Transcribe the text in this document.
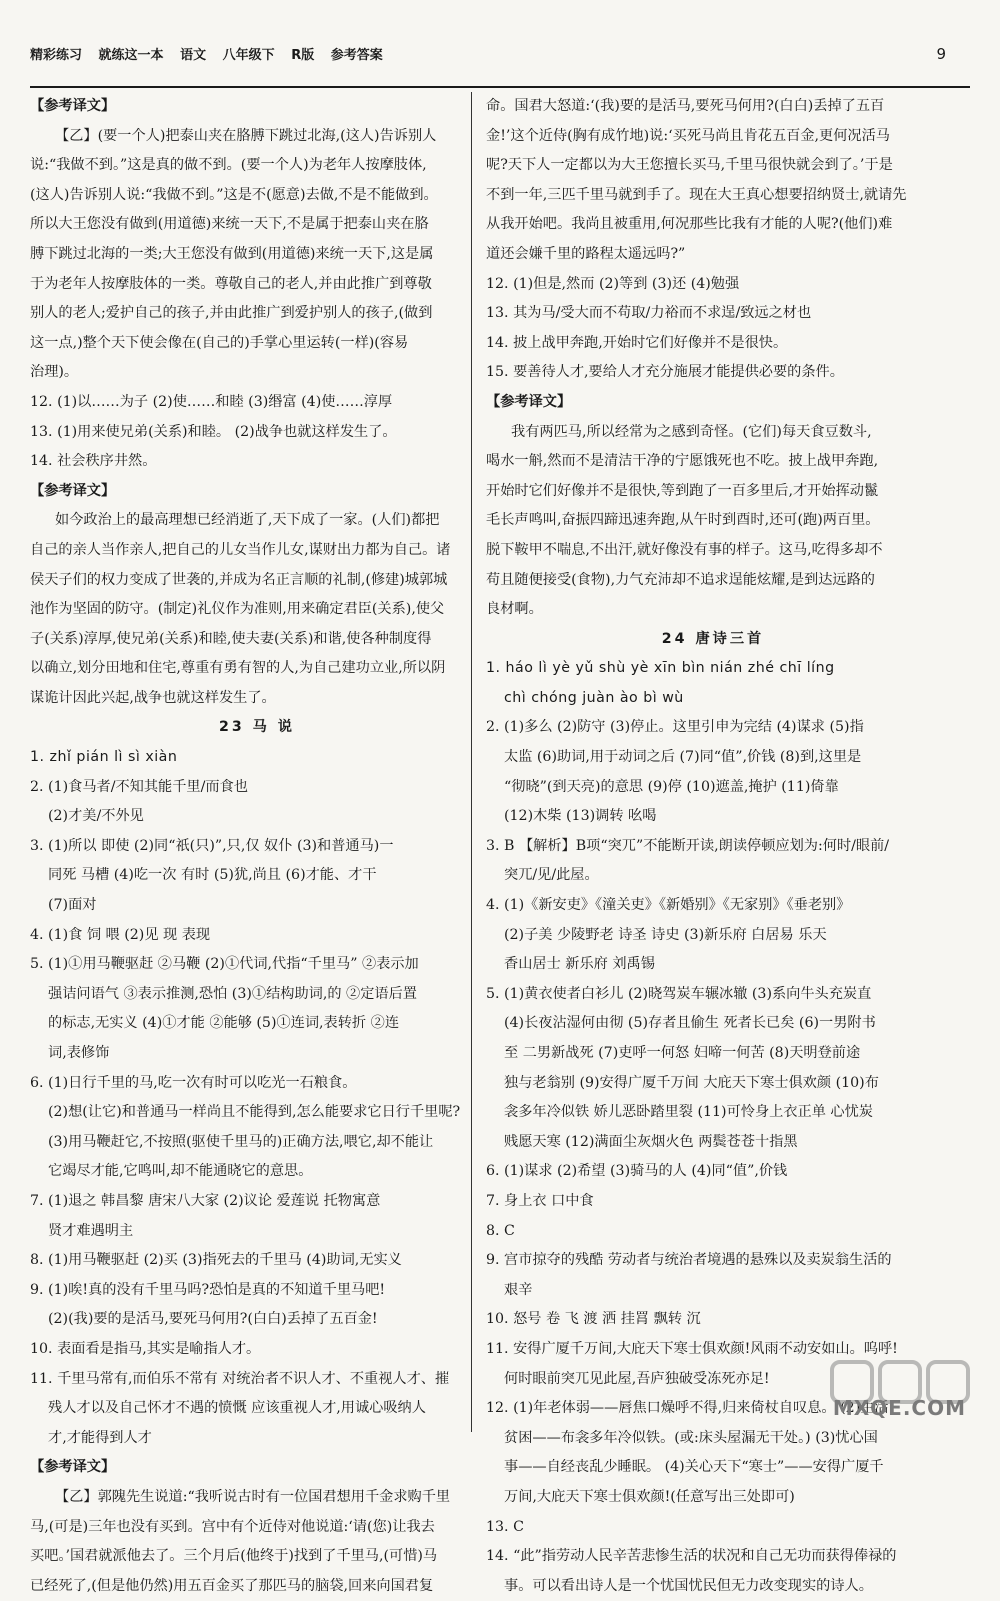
精彩练习 就练这一本 语文 八年级下 R版 参考答案	9
【参考译文】
【乙】(要一个人)把泰山夹在胳膊下跳过北海,(这人)告诉别人
说:“我做不到。”这是真的做不到。(要一个人)为老年人按摩肢体,
(这人)告诉别人说:“我做不到。”这是不(愿意)去做,不是不能做到。
所以大王您没有做到(用道德)来统一天下,不是属于把泰山夹在胳
膊下跳过北海的一类;大王您没有做到(用道德)来统一天下,这是属
于为老年人按摩肢体的一类。尊敬自己的老人,并由此推广到尊敬
别人的老人;爱护自己的孩子,并由此推广到爱护别人的孩子,(做到
这一点,)整个天下使会像在(自己的)手掌心里运转(一样)(容易
治理)。
12. (1)以……为子 (2)使……和睦 (3)缗富 (4)使……淳厚
13. (1)用来使兄弟(关系)和睦。 (2)战争也就这样发生了。
14. 社会秩序井然。
【参考译文】
如今政治上的最高理想已经消逝了,天下成了一家。(人们)都把
自己的亲人当作亲人,把自己的儿女当作儿女,谋财出力都为自己。诸
侯天子们的权力变成了世袭的,并成为名正言顺的礼制,(修建)城郭城
池作为坚固的防守。(制定)礼仪作为准则,用来确定君臣(关系),使父
子(关系)淳厚,使兄弟(关系)和睦,使夫妻(关系)和谐,使各种制度得
以确立,划分田地和住宅,尊重有勇有智的人,为自己建功立业,所以阴
谋诡计因此兴起,战争也就这样发生了。
23 马 说
1. zhǐ pián lì sì xiàn
2. (1)食马者/不知其能千里/而食也
(2)才美/不外见
3. (1)所以 即使 (2)同“祇(只)”,只,仅 奴仆 (3)和普通马)一
同死 马槽 (4)吃一次 有时 (5)犹,尚且 (6)才能、才干
(7)面对
4. (1)食 饲 喂 (2)见 现 表现
5. (1)①用马鞭驱赶 ②马鞭 (2)①代词,代指“千里马” ②表示加
强诘问语气 ③表示推测,恐怕 (3)①结构助词,的 ②定语后置
的标志,无实义 (4)①才能 ②能够 (5)①连词,表转折 ②连
词,表修饰
6. (1)日行千里的马,吃一次有时可以吃光一石粮食。
(2)想(让它)和普通马一样尚且不能得到,怎么能要求它日行千里呢?
(3)用马鞭赶它,不按照(驱使千里马的)正确方法,喂它,却不能让
它竭尽才能,它鸣叫,却不能通晓它的意思。
7. (1)退之 韩昌黎 唐宋八大家 (2)议论 爱莲说 托物寓意
贤才难遇明主
8. (1)用马鞭驱赶 (2)买 (3)指死去的千里马 (4)助词,无实义
9. (1)唉!真的没有千里马吗?恐怕是真的不知道千里马吧!
(2)(我)要的是活马,要死马何用?(白白)丢掉了五百金!
10. 表面看是指马,其实是喻指人才。
11. 千里马常有,而伯乐不常有 对统治者不识人才、不重视人才、摧
残人才以及自己怀才不遇的愤慨 应该重视人才,用诚心吸纳人
才,才能得到人才
【参考译文】
【乙】郭隗先生说道:“我听说古时有一位国君想用千金求购千里
马,(可是)三年也没有买到。宫中有个近侍对他说道:‘请(您)让我去
买吧。’国君就派他去了。三个月后(他终于)找到了千里马,(可惜)马
已经死了,(但是他仍然)用五百金买了那匹马的脑袋,回来向国君复
命。国君大怒道:‘(我)要的是活马,要死马何用?(白白)丢掉了五百
金!’这个近侍(胸有成竹地)说:‘买死马尚且肯花五百金,更何况活马
呢?天下人一定都以为大王您擅长买马,千里马很快就会到了。’于是
不到一年,三匹千里马就到手了。现在大王真心想要招纳贤士,就请先
从我开始吧。我尚且被重用,何况那些比我有才能的人呢?(他们)难
道还会嫌千里的路程太遥远吗?”
12. (1)但是,然而 (2)等到 (3)还 (4)勉强
13. 其为马/受大而不苟取/力裕而不求逞/致远之材也
14. 披上战甲奔跑,开始时它们好像并不是很快。
15. 要善待人才,要给人才充分施展才能提供必要的条件。
【参考译文】
我有两匹马,所以经常为之感到奇怪。(它们)每天食豆数斗,
喝水一斛,然而不是清洁干净的宁愿饿死也不吃。披上战甲奔跑,
开始时它们好像并不是很快,等到跑了一百多里后,才开始挥动鬣
毛长声鸣叫,奋振四蹄迅速奔跑,从午时到酉时,还可(跑)两百里。
脱下鞍甲不喘息,不出汗,就好像没有事的样子。这马,吃得多却不
苟且随便接受(食物),力气充沛却不追求逞能炫耀,是到达远路的
良材啊。
24 唐诗三首
1. háo lì yè yǔ shù yè xīn bìn nián zhé chī líng
chì chóng juàn ào bì wù
2. (1)多么 (2)防守 (3)停止。这里引申为完结 (4)谋求 (5)指
太监 (6)助词,用于动词之后 (7)同“值”,价钱 (8)到,这里是
“彻晓”(到天亮)的意思 (9)停 (10)遮盖,掩护 (11)倚靠
(12)木柴 (13)调转 吆喝
3. B 【解析】B项“突兀”不能断开读,朗读停顿应划为:何时/眼前/
突兀/见/此屋。
4. (1)《新安吏》《潼关吏》《新婚别》《无家别》《垂老别》
(2)子美 少陵野老 诗圣 诗史 (3)新乐府 白居易 乐天
香山居士 新乐府 刘禹锡
5. (1)黄衣使者白衫儿 (2)晓驾炭车辗冰辙 (3)系向牛头充炭直
(4)长夜沾湿何由彻 (5)存者且偷生 死者长已矣 (6)一男附书
至 二男新战死 (7)吏呼一何怒 妇啼一何苦 (8)天明登前途
独与老翁别 (9)安得广厦千万间 大庇天下寒士俱欢颜 (10)布
衾多年冷似铁 娇儿恶卧踏里裂 (11)可怜身上衣正单 心忧炭
贱愿天寒 (12)满面尘灰烟火色 两鬓苍苍十指黑
6. (1)谋求 (2)希望 (3)骑马的人 (4)同“值”,价钱
7. 身上衣 口中食
8. C
9. 宫市掠夺的残酷 劳动者与统治者境遇的悬殊以及卖炭翁生活的
艰辛
10. 怒号 卷 飞 渡 洒 挂罥 飘转 沉
11. 安得广厦千万间,大庇天下寒士俱欢颜!风雨不动安如山。呜呼!
何时眼前突兀见此屋,吾庐独破受冻死亦足!
12. (1)年老体弱——唇焦口燥呼不得,归来倚杖自叹息。 (2)生活
贫困——布衾多年冷似铁。(或:床头屋漏无干处。) (3)忧心国
事——自经丧乱少睡眠。 (4)关心天下“寒士”——安得广厦千
万间,大庇天下寒士俱欢颜!(任意写出三处即可)
13. C
14. “此”指劳动人民辛苦悲惨生活的状况和自己无功而获得俸禄的
事。可以看出诗人是一个忧国忧民但无力改变现实的诗人。
MXQE.COM
